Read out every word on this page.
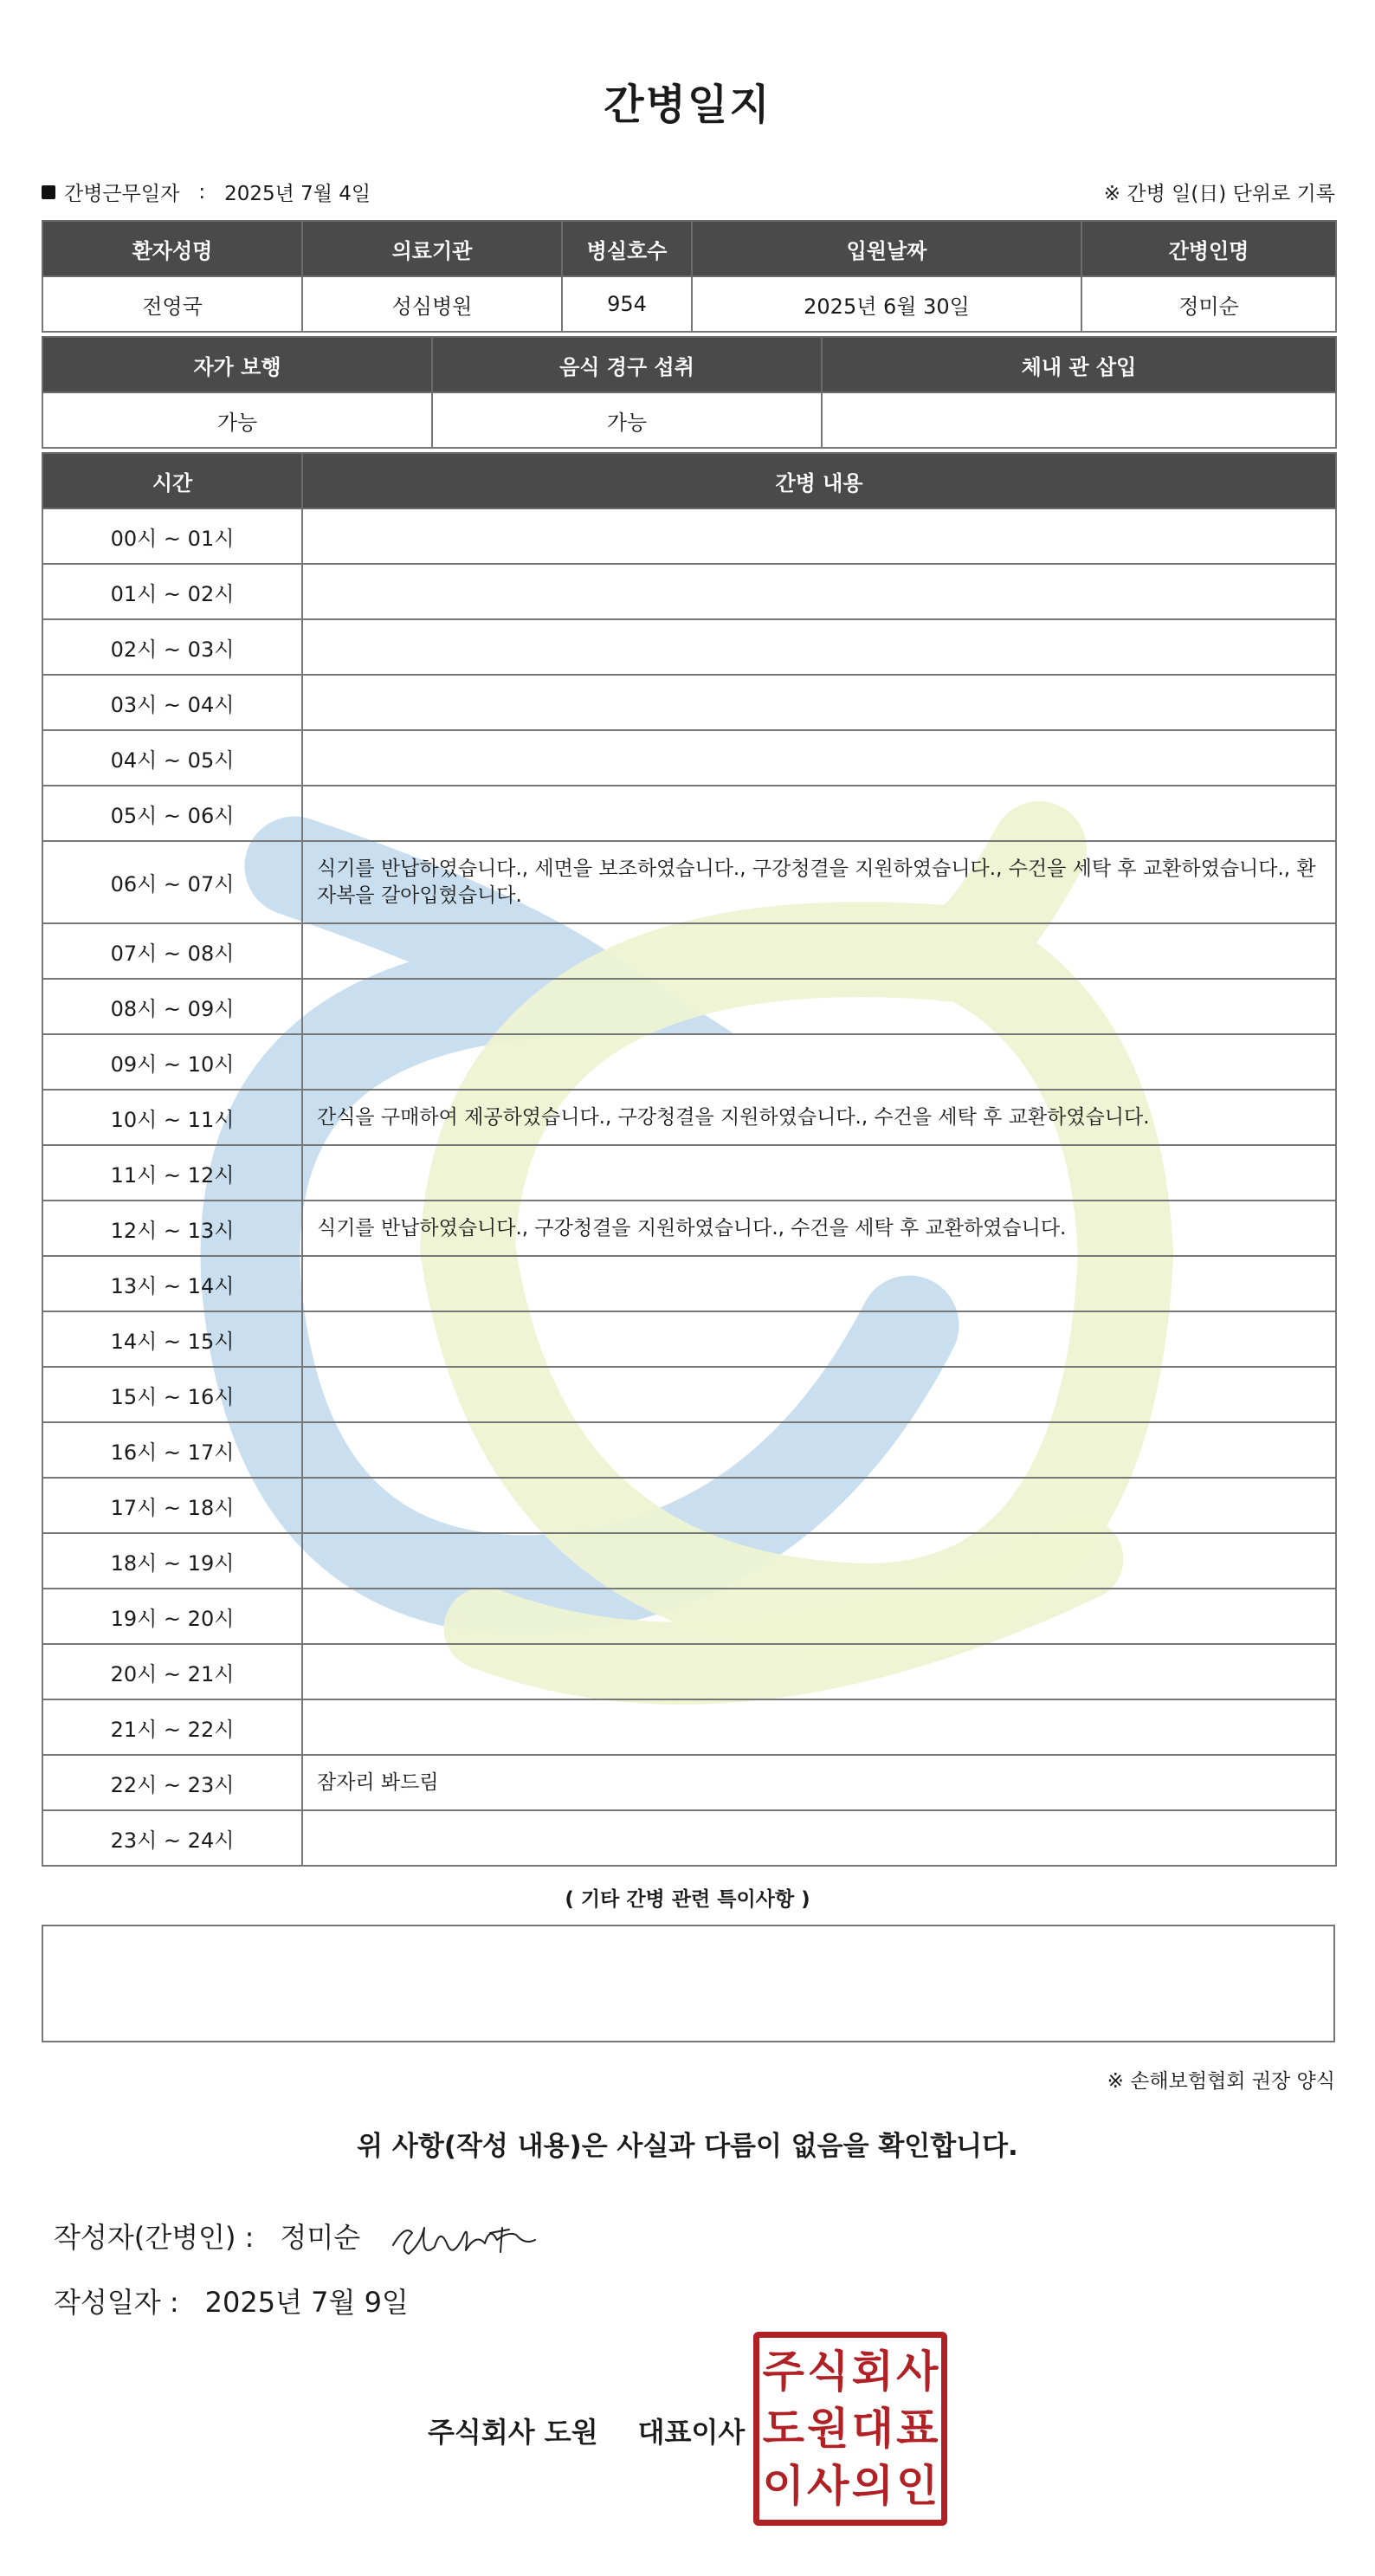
간병일지
간병근무일자 : 2025년 7월 4일	※ 간병 일(日) 단위로 기록
환자성명	의료기관	병실호수	입원날짜	간병인명
전영국	성심병원	954	2025년 6월 30일	정미순
자가 보행	음식 경구 섭취	체내 관 삽입
가능	가능	
시간	간병 내용
00시 ~ 01시	
01시 ~ 02시	
02시 ~ 03시	
03시 ~ 04시	
04시 ~ 05시	
05시 ~ 06시	
06시 ~ 07시	식기를 반납하였습니다., 세면을 보조하였습니다., 구강청결을 지원하였습니다., 수건을 세탁 후 교환하였습니다., 환자복을 갈아입혔습니다.
07시 ~ 08시	
08시 ~ 09시	
09시 ~ 10시	
10시 ~ 11시	간식을 구매하여 제공하였습니다., 구강청결을 지원하였습니다., 수건을 세탁 후 교환하였습니다.
11시 ~ 12시	
12시 ~ 13시	식기를 반납하였습니다., 구강청결을 지원하였습니다., 수건을 세탁 후 교환하였습니다.
13시 ~ 14시	
14시 ~ 15시	
15시 ~ 16시	
16시 ~ 17시	
17시 ~ 18시	
18시 ~ 19시	
19시 ~ 20시	
20시 ~ 21시	
21시 ~ 22시	
22시 ~ 23시	잠자리 봐드림
23시 ~ 24시	
( 기타 간병 관련 특이사항 )
※ 손해보험협회 권장 양식
위 사항(작성 내용)은 사실과 다름이 없음을 확인합니다.
작성자(간병인) : 정미순
작성일자 : 2025년 7월 9일
주식회사 도원 대표이사
주 식 회 사
도 원 대 표
이 사 의 인
